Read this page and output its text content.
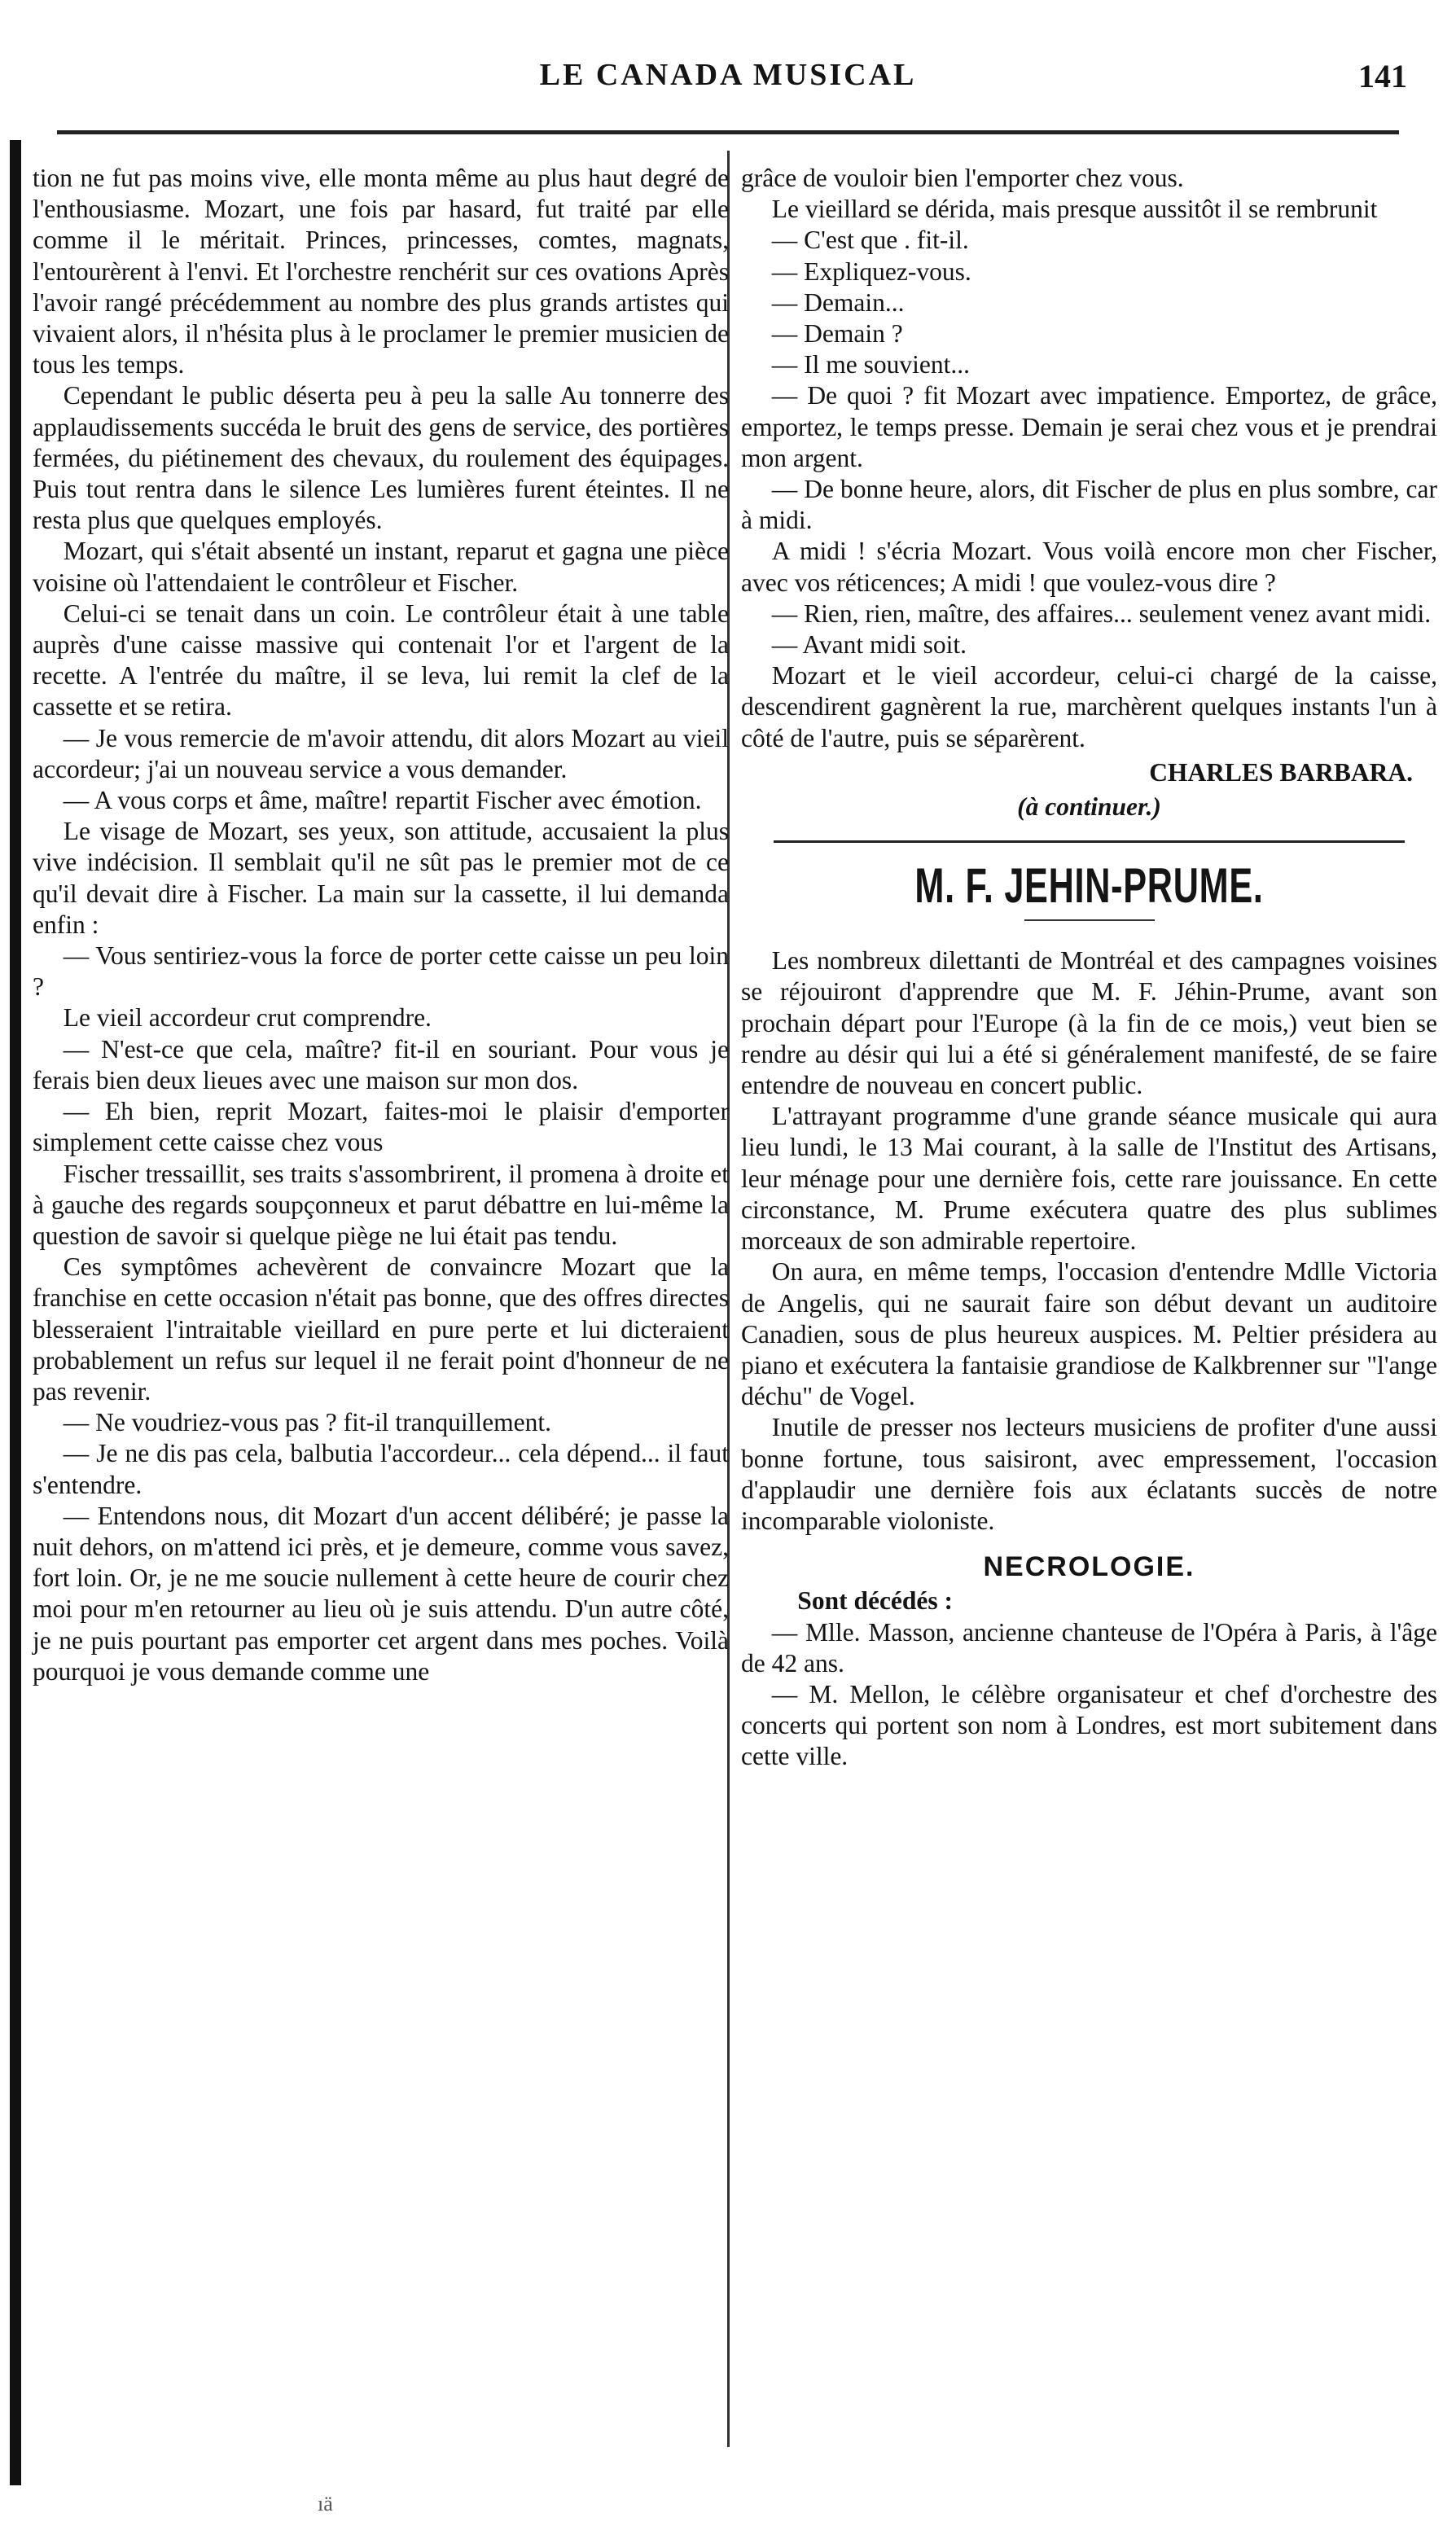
LE CANADA MUSICAL	141

tion ne fut pas moins vive, elle monta même au plus haut degré de l'enthousiasme. Mozart, une fois par hasard, fut traité par elle comme il le méritait. Princes, princesses, comtes, magnats, l'entourèrent à l'envi. Et l'orchestre renchérit sur ces ovations Après l'avoir rangé précédemment au nombre des plus grands artistes qui vivaient alors, il n'hésita plus à le proclamer le premier musicien de tous les temps.

Cependant le public déserta peu à peu la salle Au tonnerre des applaudissements succéda le bruit des gens de service, des portières fermées, du piétinement des chevaux, du roulement des équipages. Puis tout rentra dans le silence Les lumières furent éteintes. Il ne resta plus que quelques employés.

Mozart, qui s'était absenté un instant, reparut et gagna une pièce voisine où l'attendaient le contrôleur et Fischer.

Celui-ci se tenait dans un coin. Le contrôleur était à une table auprès d'une caisse massive qui contenait l'or et l'argent de la recette. A l'entrée du maître, il se leva, lui remit la clef de la cassette et se retira.

— Je vous remercie de m'avoir attendu, dit alors Mozart au vieil accordeur; j'ai un nouveau service a vous demander.

— A vous corps et âme, maître! repartit Fischer avec émotion.

Le visage de Mozart, ses yeux, son attitude, accusaient la plus vive indécision. Il semblait qu'il ne sût pas le premier mot de ce qu'il devait dire à Fischer. La main sur la cassette, il lui demanda enfin :

— Vous sentiriez-vous la force de porter cette caisse un peu loin ?

Le vieil accordeur crut comprendre.

— N'est-ce que cela, maître? fit-il en souriant. Pour vous je ferais bien deux lieues avec une maison sur mon dos.

— Eh bien, reprit Mozart, faites-moi le plaisir d'emporter simplement cette caisse chez vous

Fischer tressaillit, ses traits s'assombrirent, il promena à droite et à gauche des regards soupçonneux et parut débattre en lui-même la question de savoir si quelque piège ne lui était pas tendu.

Ces symptômes achevèrent de convaincre Mozart que la franchise en cette occasion n'était pas bonne, que des offres directes blesseraient l'intraitable vieillard en pure perte et lui dicteraient probablement un refus sur lequel il ne ferait point d'honneur de ne pas revenir.

— Ne voudriez-vous pas ? fit-il tranquillement.

— Je ne dis pas cela, balbutia l'accordeur... cela dépend... il faut s'entendre.

— Entendons nous, dit Mozart d'un accent délibéré; je passe la nuit dehors, on m'attend ici près, et je demeure, comme vous savez, fort loin. Or, je ne me soucie nullement à cette heure de courir chez moi pour m'en retourner au lieu où je suis attendu. D'un autre côté, je ne puis pourtant pas emporter cet argent dans mes poches. Voilà pourquoi je vous demande comme une

grâce de vouloir bien l'emporter chez vous.

Le vieillard se dérida, mais presque aussitôt il se rembrunit

— C'est que . fit-il.

— Expliquez-vous.

— Demain...

— Demain ?

— Il me souvient...

— De quoi ? fit Mozart avec impatience. Emportez, de grâce, emportez, le temps presse. Demain je serai chez vous et je prendrai mon argent.

— De bonne heure, alors, dit Fischer de plus en plus sombre, car à midi.

A midi ! s'écria Mozart. Vous voilà encore mon cher Fischer, avec vos réticences; A midi ! que voulez-vous dire ?

— Rien, rien, maître, des affaires... seulement venez avant midi.

— Avant midi soit.

Mozart et le vieil accordeur, celui-ci chargé de la caisse, descendirent gagnèrent la rue, marchèrent quelques instants l'un à côté de l'autre, puis se séparèrent.

CHARLES BARBARA.

(à continuer.)

M. F. JEHIN-PRUME.

Les nombreux dilettanti de Montréal et des campagnes voisines se réjouiront d'apprendre que M. F. Jéhin-Prume, avant son prochain départ pour l'Europe (à la fin de ce mois,) veut bien se rendre au désir qui lui a été si généralement manifesté, de se faire entendre de nouveau en concert public.

L'attrayant programme d'une grande séance musicale qui aura lieu lundi, le 13 Mai courant, à la salle de l'Institut des Artisans, leur ménage pour une dernière fois, cette rare jouissance. En cette circonstance, M. Prume exécutera quatre des plus sublimes morceaux de son admirable repertoire.

On aura, en même temps, l'occasion d'entendre Mdlle Victoria de Angelis, qui ne saurait faire son début devant un auditoire Canadien, sous de plus heureux auspices. M. Peltier présidera au piano et exécutera la fantaisie grandiose de Kalkbrenner sur "l'ange déchu" de Vogel.

Inutile de presser nos lecteurs musiciens de profiter d'une aussi bonne fortune, tous saisiront, avec empressement, l'occasion d'applaudir une dernière fois aux éclatants succès de notre incomparable violoniste.

NECROLOGIE.

Sont décédés :

— Mlle. Masson, ancienne chanteuse de l'Opéra à Paris, à l'âge de 42 ans.

— M. Mellon, le célèbre organisateur et chef d'orchestre des concerts qui portent son nom à Londres, est mort subitement dans cette ville.

ıä
